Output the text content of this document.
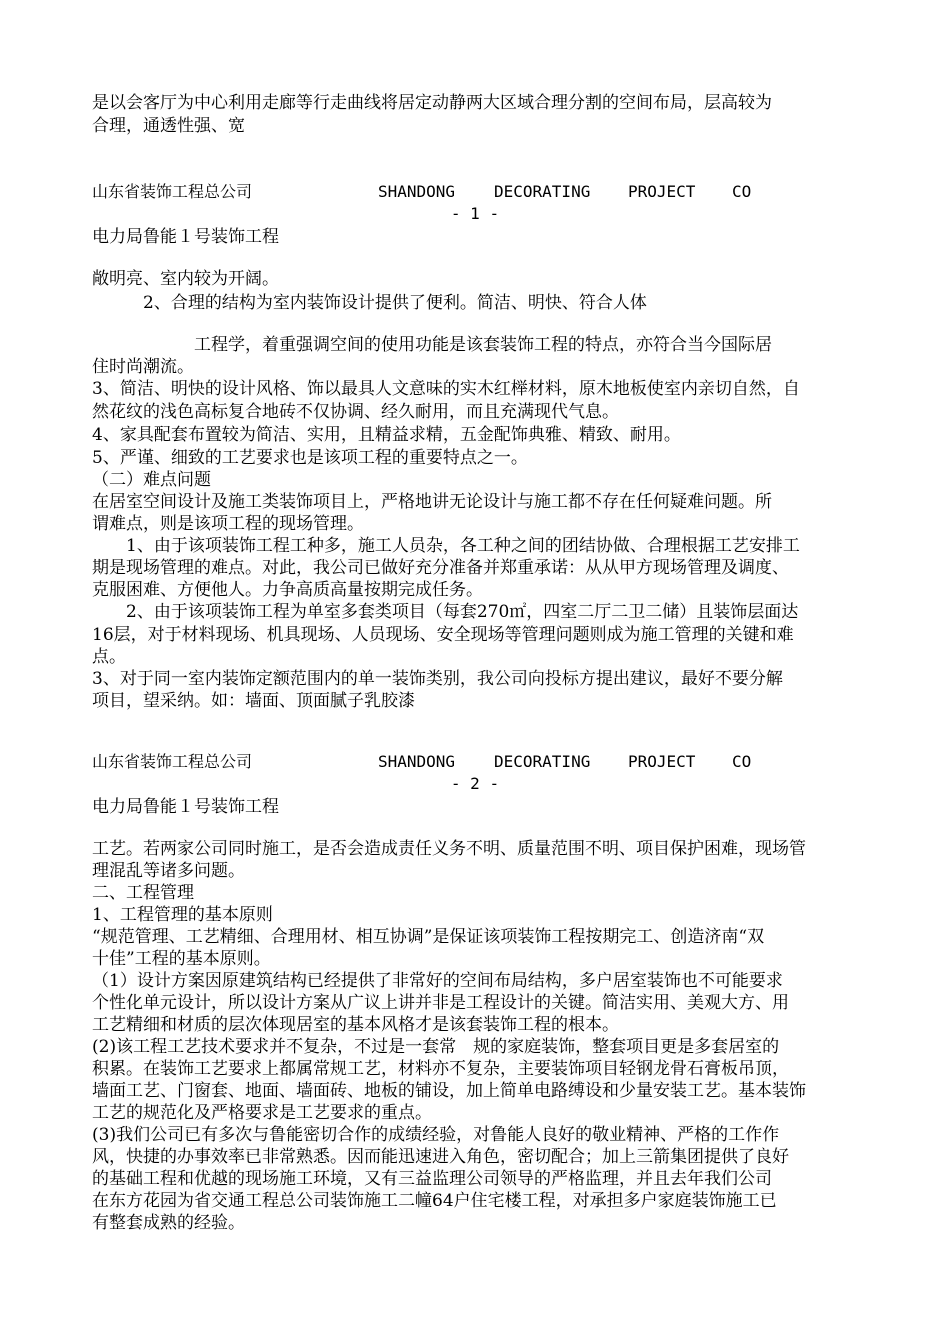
是以会客厅为中心利用走廊等行走曲线将居定动静两大区域合理分割的空间布局，层高较为
合理，通透性强、宽
山东省装饰工程总公司	SHANDONG DECORATING PROJECT CO
- 1 -
电力局鲁能１号装饰工程
敞明亮、室内较为开阔。
　　　2、合理的结构为室内装饰设计提供了便利。简洁、明快、符合人体
　　　　　　工程学，着重强调空间的使用功能是该套装饰工程的特点，亦符合当今国际居
住时尚潮流。
3、简洁、明快的设计风格、饰以最具人文意味的实木红榉材料，原木地板使室内亲切自然，自
然花纹的浅色高标复合地砖不仅协调、经久耐用，而且充满现代气息。
4、家具配套布置较为简洁、实用，且精益求精，五金配饰典雅、精致、耐用。
5、严谨、细致的工艺要求也是该项工程的重要特点之一。
（二）难点问题
在居室空间设计及施工类装饰项目上，严格地讲无论设计与施工都不存在任何疑难问题。所
谓难点，则是该项工程的现场管理。
　　1、由于该项装饰工程工种多，施工人员杂，各工种之间的团结协做、合理根据工艺安排工
期是现场管理的难点。对此，我公司已做好充分准备并郑重承诺：从从甲方现场管理及调度、
克服困难、方便他人。力争高质高量按期完成任务。
　　2、由于该项装饰工程为单室多套类项目（每套270㎡，四室二厅二卫二储）且装饰层面达
16层，对于材料现场、机具现场、人员现场、安全现场等管理问题则成为施工管理的关键和难
点。
3、对于同一室内装饰定额范围内的单一装饰类别，我公司向投标方提出建议，最好不要分解
项目，望采纳。如：墙面、顶面腻子乳胶漆
山东省装饰工程总公司	SHANDONG DECORATING PROJECT CO
- 2 -
电力局鲁能１号装饰工程
工艺。若两家公司同时施工，是否会造成责任义务不明、质量范围不明、项目保护困难，现场管
理混乱等诸多问题。
二、工程管理
1、工程管理的基本原则
“规范管理、工艺精细、合理用材、相互协调”是保证该项装饰工程按期完工、创造济南“双
十佳”工程的基本原则。
（1）设计方案因原建筑结构已经提供了非常好的空间布局结构，多户居室装饰也不可能要求
个性化单元设计，所以设计方案从广议上讲并非是工程设计的关键。简洁实用、美观大方、用
工艺精细和材质的层次体现居室的基本风格才是该套装饰工程的根本。
(2)该工程工艺技术要求并不复杂，不过是一套常　规的家庭装饰，整套项目更是多套居室的
积累。在装饰工艺要求上都属常规工艺，材料亦不复杂，主要装饰项目轻钢龙骨石膏板吊顶，
墙面工艺、门窗套、地面、墙面砖、地板的铺设，加上简单电路缚设和少量安装工艺。基本装饰
工艺的规范化及严格要求是工艺要求的重点。
(3)我们公司已有多次与鲁能密切合作的成绩经验，对鲁能人良好的敬业精神、严格的工作作
风，快捷的办事效率已非常熟悉。因而能迅速进入角色，密切配合；加上三箭集团提供了良好
的基础工程和优越的现场施工环境，又有三益监理公司领导的严格监理，并且去年我们公司
在东方花园为省交通工程总公司装饰施工二幢64户住宅楼工程，对承担多户家庭装饰施工已
有整套成熟的经验。
